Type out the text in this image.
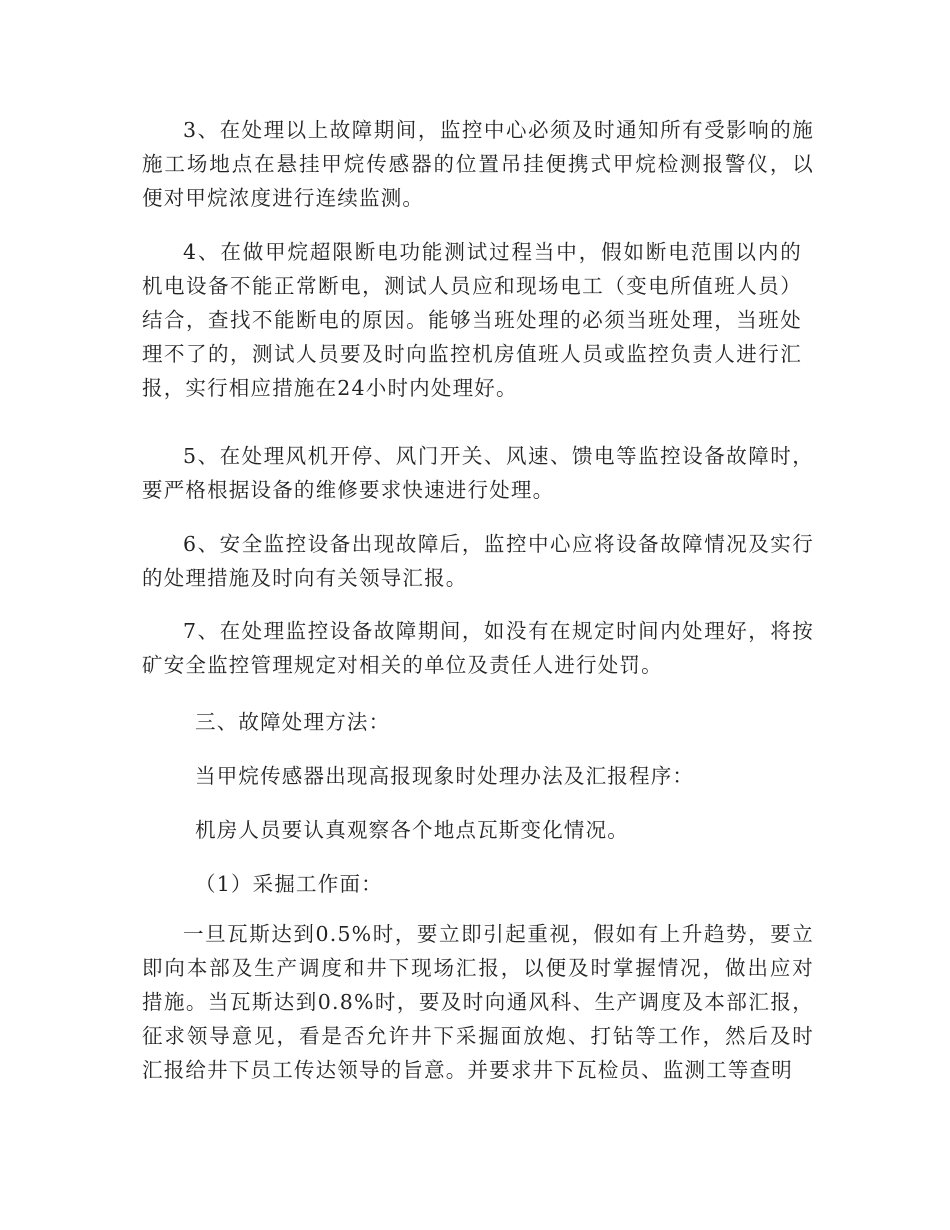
3、在处理以上故障期间，监控中心必须及时通知所有受影响的施施工场地点在悬挂甲烷传感器的位置吊挂便携式甲烷检测报警仪，以便对甲烷浓度进行连续监测。

4、在做甲烷超限断电功能测试过程当中，假如断电范围以内的机电设备不能正常断电，测试人员应和现场电工（变电所值班人员）结合，查找不能断电的原因。能够当班处理的必须当班处理，当班处理不了的，测试人员要及时向监控机房值班人员或监控负责人进行汇报，实行相应措施在24小时内处理好。

5、在处理风机开停、风门开关、风速、馈电等监控设备故障时，要严格根据设备的维修要求快速进行处理。

6、安全监控设备出现故障后，监控中心应将设备故障情况及实行的处理措施及时向有关领导汇报。

7、在处理监控设备故障期间，如没有在规定时间内处理好，将按矿安全监控管理规定对相关的单位及责任人进行处罚。

三、故障处理方法：

当甲烷传感器出现高报现象时处理办法及汇报程序：

机房人员要认真观察各个地点瓦斯变化情况。

（1）采掘工作面：

一旦瓦斯达到0.5%时，要立即引起重视，假如有上升趋势，要立即向本部及生产调度和井下现场汇报，以便及时掌握情况，做出应对措施。当瓦斯达到0.8%时，要及时向通风科、生产调度及本部汇报，征求领导意见，看是否允许井下采掘面放炮、打钻等工作，然后及时汇报给井下员工传达领导的旨意。并要求井下瓦检员、监测工等查明
